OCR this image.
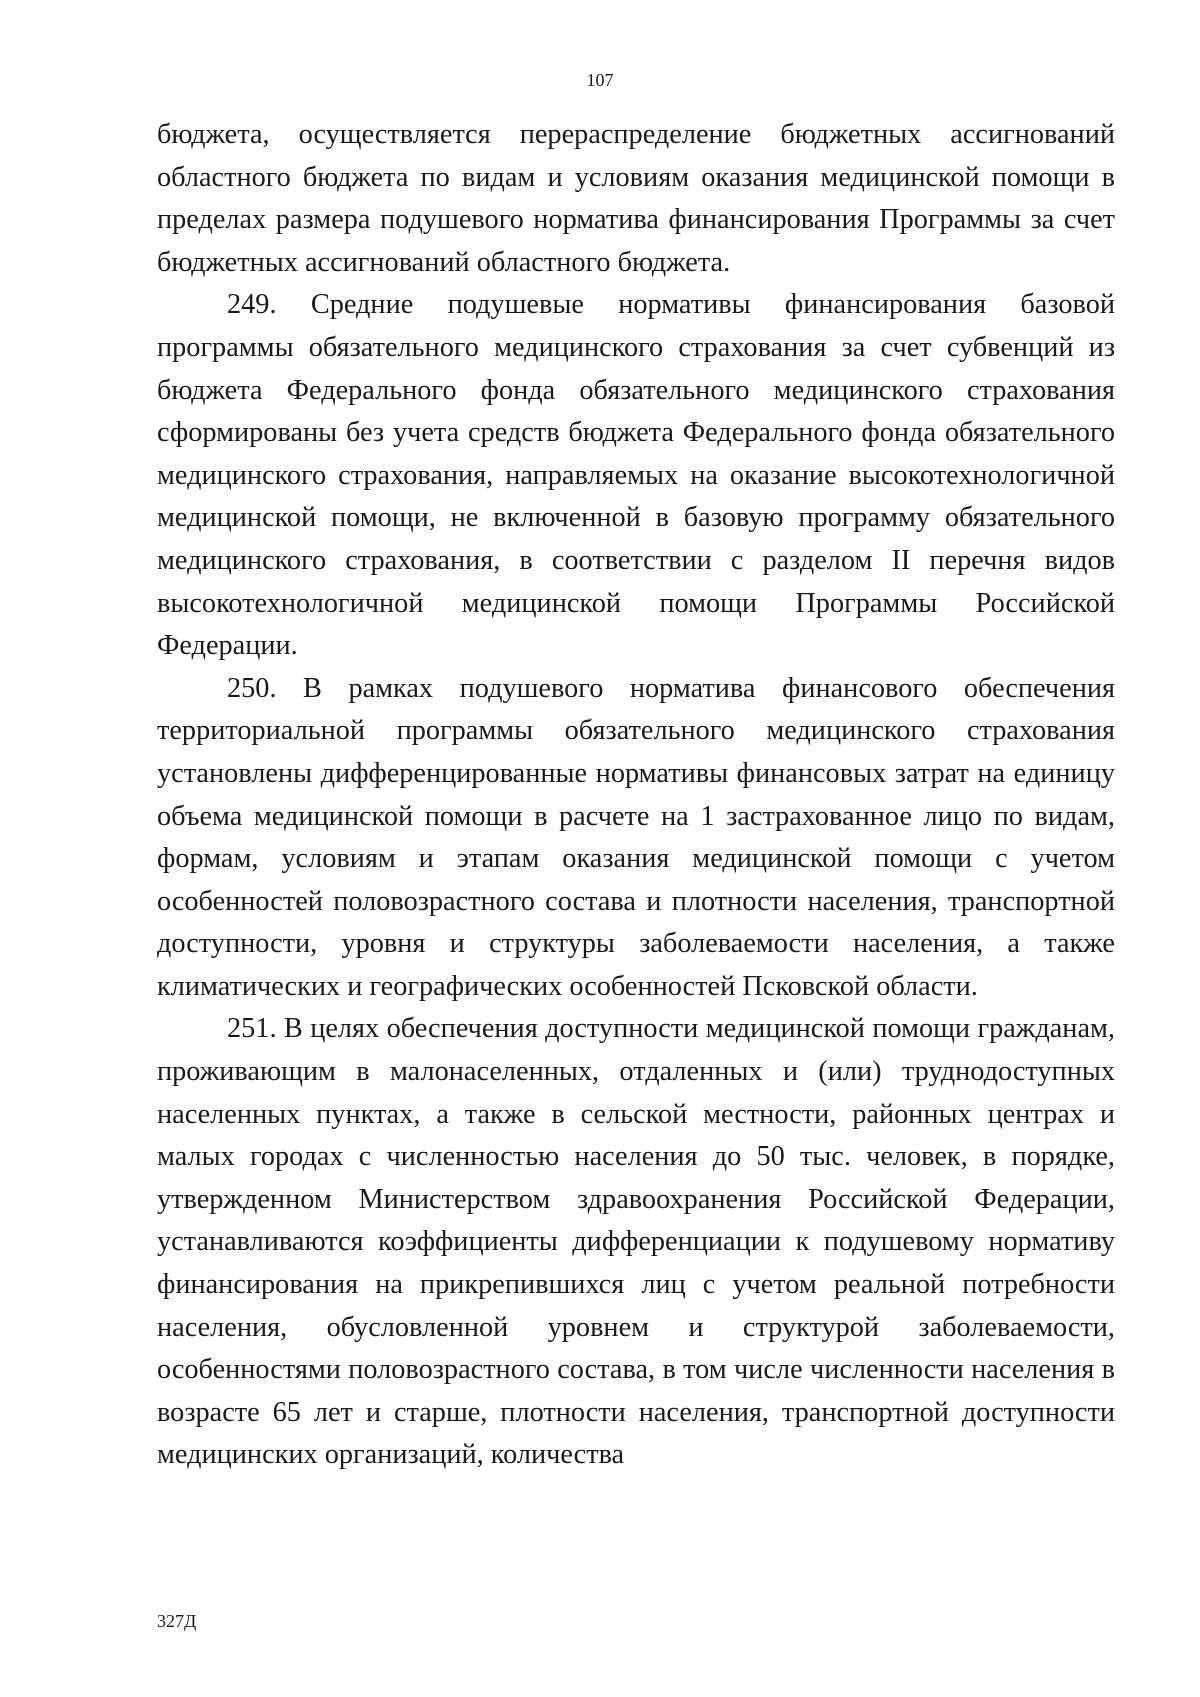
107

бюджета, осуществляется перераспределение бюджетных ассигнований областного бюджета по видам и условиям оказания медицинской помощи в пределах размера подушевого норматива финансирования Программы за счет бюджетных ассигнований областного бюджета.

249. Средние подушевые нормативы финансирования базовой программы обязательного медицинского страхования за счет субвенций из бюджета Федерального фонда обязательного медицинского страхования сформированы без учета средств бюджета Федерального фонда обязательного медицинского страхования, направляемых на оказание высокотехнологичной медицинской помощи, не включенной в базовую программу обязательного медицинского страхования, в соответствии с разделом II перечня видов высокотехнологичной медицинской помощи Программы Российской Федерации.

250. В рамках подушевого норматива финансового обеспечения территориальной программы обязательного медицинского страхования установлены дифференцированные нормативы финансовых затрат на единицу объема медицинской помощи в расчете на 1 застрахованное лицо по видам, формам, условиям и этапам оказания медицинской помощи с учетом особенностей половозрастного состава и плотности населения, транспортной доступности, уровня и структуры заболеваемости населения, а также климатических и географических особенностей Псковской области.

251. В целях обеспечения доступности медицинской помощи гражданам, проживающим в малонаселенных, отдаленных и (или) труднодоступных населенных пунктах, а также в сельской местности, районных центрах и малых городах с численностью населения до 50 тыс. человек, в порядке, утвержденном Министерством здравоохранения Российской Федерации, устанавливаются коэффициенты дифференциации к подушевому нормативу финансирования на прикрепившихся лиц с учетом реальной потребности населения, обусловленной уровнем и структурой заболеваемости, особенностями половозрастного состава, в том числе численности населения в возрасте 65 лет и старше, плотности населения, транспортной доступности медицинских организаций, количества

327Д
